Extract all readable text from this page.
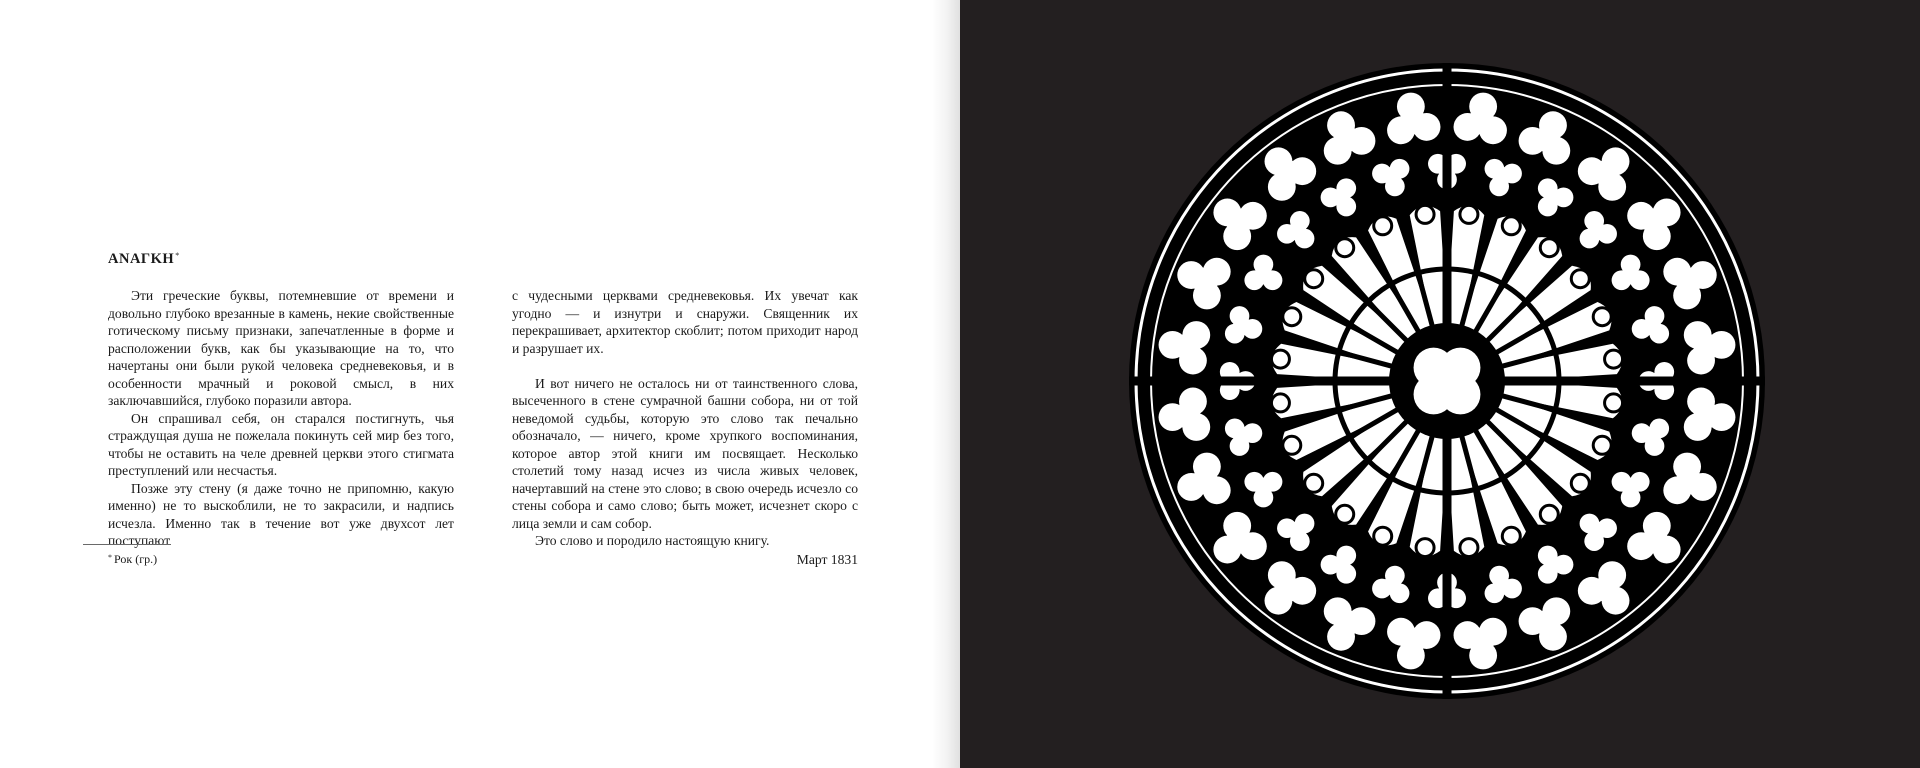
ΑΝΑΓΚΗ*

Эти греческие буквы, потемневшие от времени и довольно глубоко врезанные в камень, некие свойственные готическому письму признаки, запечатленные в форме и расположении букв, как бы указывающие на то, что начертаны они были рукой человека средневековья, и в особенности мрачный и роковой смысл, в них заключавшийся, глубоко поразили автора.

Он спрашивал себя, он старался постигнуть, чья страждущая душа не пожелала покинуть сей мир без того, чтобы не оставить на челе древней церкви этого стигмата преступлений или несчастья.

Позже эту стену (я даже точно не припомню, какую именно) не то выскоблили, не то закрасили, и надпись исчезла. Именно так в течение вот уже двухсот лет поступают

с чудесными церквами средневековья. Их увечат как угодно — и изнутри и снаружи. Священник их перекрашивает, архитектор скоблит; потом приходит народ и разрушает их.

И вот ничего не осталось ни от таинственного слова, высеченного в стене сумрачной башни собора, ни от той неведомой судьбы, которую это слово так печально обозначало, — ничего, кроме хрупкого воспоминания, которое автор этой книги им посвящает. Несколько столетий тому назад исчез из числа живых человек, начертавший на стене это слово; в свою очередь исчезло со стены собора и само слово; быть может, исчезнет скоро с лица земли и сам собор.

Это слово и породило настоящую книгу.

* Рок (гр.)	Март 1831
